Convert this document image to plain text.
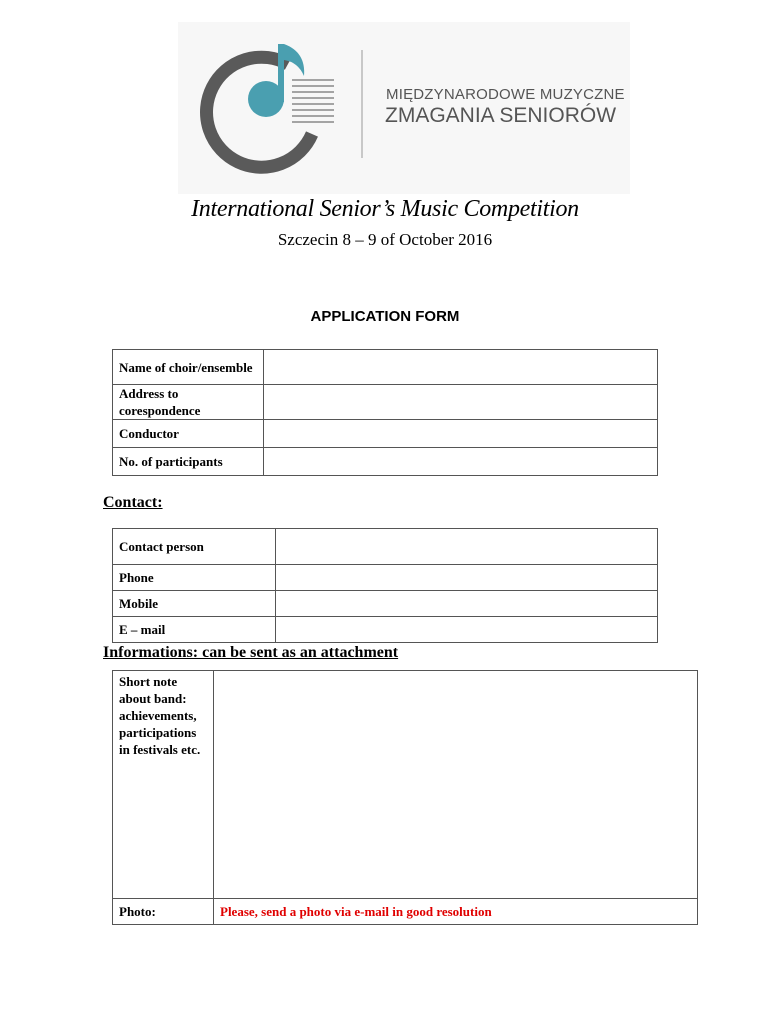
MIĘDZYNARODOWE MUZYCZNE
ZMAGANIA SENIORÓW
International Senior’s Music Competition
Szczecin 8 – 9 of October 2016
APPLICATION FORM
Name of choir/ensemble	
Address to corespondence	
Conductor	
No. of participants	
Contact:
Contact person	
Phone	
Mobile	
E – mail	
Informations: can be sent as an attachment
Short note about band: achievements, participations in festivals etc.	
Photo:	Please, send a photo via e-mail in good resolution
